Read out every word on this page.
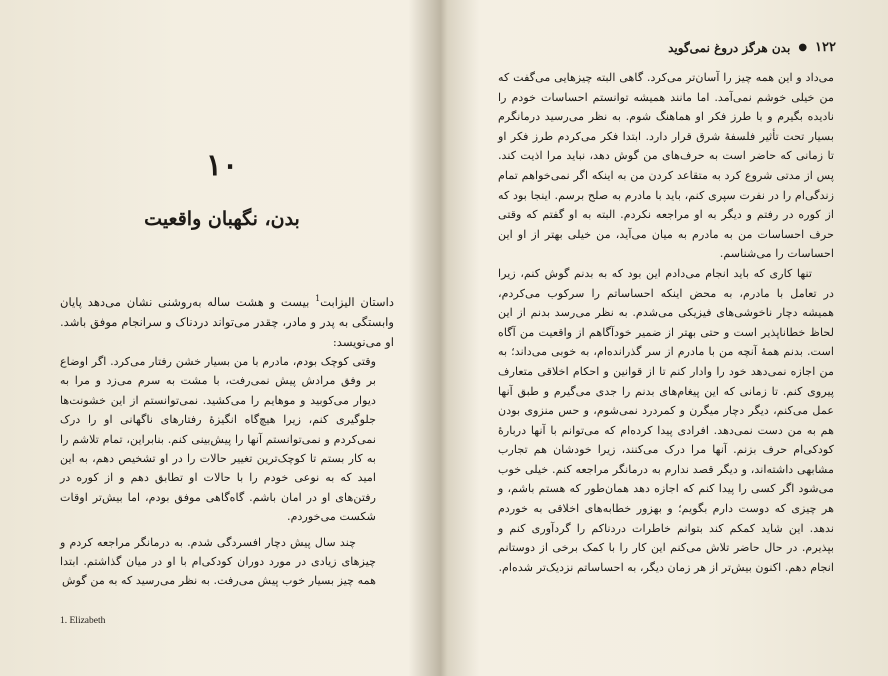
۱۰
بدن، نگهبان واقعیت

داستان الیزابت$^1$ بیست و هشت ساله به‌روشنی نشان می‌دهد پایان وابستگی به پدر و مادر، چقدر می‌تواند دردناک و سرانجام موفق باشد. او می‌نویسد:

وقتی کوچک بودم، مادرم با من بسیار خشن رفتار می‌کرد. اگر اوضاع بر وفق مرادش پیش نمی‌رفت، با مشت به سرم می‌زد و مرا به دیوار می‌کوبید و موهایم را می‌کشید. نمی‌توانستم از این خشونت‌ها جلوگیری کنم، زیرا هیچ‌گاه انگیزهٔ رفتارهای ناگهانی او را درک نمی‌کردم و نمی‌توانستم آنها را پیش‌بینی کنم. بنابراین، تمام تلاشم را به کار بستم تا کوچک‌ترین تغییر حالات را در او تشخیص دهم، به این امید که به نوعی خودم را با حالات او تطابق دهم و از کوره در رفتن‌های او در امان باشم. گاه‌گاهی موفق بودم، اما بیش‌تر اوقات شکست می‌خوردم.

چند سال پیش دچار افسردگی شدم. به درمانگر مراجعه کردم و چیزهای زیادی در مورد دوران کودکی‌ام با او در میان گذاشتم. ابتدا همه چیز بسیار خوب پیش می‌رفت. به نظر می‌رسید که به من گوش

1. Elizabeth
۱۲۲
●
بدن هرگز دروغ نمی‌گوید

می‌داد و این همه چیز را آسان‌تر می‌کرد. گاهی البته چیزهایی می‌گفت که من خیلی خوشم نمی‌آمد. اما مانند همیشه توانستم احساسات خودم را نادیده بگیرم و با طرز فکر او هماهنگ شوم. به نظر می‌رسید درمانگرم بسیار تحت تأثیر فلسفهٔ شرق قرار دارد. ابتدا فکر می‌کردم طرز فکر او تا زمانی که حاضر است به حرف‌های من گوش دهد، نباید مرا اذیت کند. پس از مدتی شروع کرد به متقاعد کردن من به اینکه اگر نمی‌خواهم تمام زندگی‌ام را در نفرت سپری کنم، باید با مادرم به صلح برسم. اینجا بود که از کوره در رفتم و دیگر به او مراجعه نکردم. البته به او گفتم که وقتی حرف احساسات من به مادرم به میان می‌آید، من خیلی بهتر از او این احساسات را می‌شناسم.

تنها کاری که باید انجام می‌دادم این بود که به بدنم گوش کنم، زیرا در تعامل با مادرم، به محض اینکه احساساتم را سرکوب می‌کردم، همیشه دچار ناخوشی‌های فیزیکی می‌شدم. به نظر می‌رسد بدنم از این لحاظ خطاناپذیر است و حتی بهتر از ضمیر خودآگاهم از واقعیت من آگاه است. بدنم همهٔ آنچه من با مادرم از سر گذرانده‌ام، به خوبی می‌داند؛ به من اجازه نمی‌دهد خود را وادار کنم تا از قوانین و احکام اخلاقی متعارف پیروی کنم. تا زمانی که این پیغام‌های بدنم را جدی می‌گیرم و طبق آنها عمل می‌کنم، دیگر دچار میگرن و کمردرد نمی‌شوم، و حس منزوی بودن هم به من دست نمی‌دهد. افرادی پیدا کرده‌ام که می‌توانم با آنها دربارهٔ کودکی‌ام حرف بزنم. آنها مرا درک می‌کنند، زیرا خودشان هم تجارب مشابهی داشته‌اند، و دیگر قصد ندارم به درمانگر مراجعه کنم. خیلی خوب می‌شود اگر کسی را پیدا کنم که اجازه دهد همان‌طور که هستم باشم، و هر چیزی که دوست دارم بگویم؛ و بهزور خطابه‌های اخلاقی به خوردم ندهد. این شاید کمکم کند بتوانم خاطرات دردناکم را گردآوری کنم و بپذیرم. در حال حاضر تلاش می‌کنم این کار را با کمک برخی از دوستانم انجام دهم. اکنون بیش‌تر از هر زمان دیگر، به احساساتم نزدیک‌تر شده‌ام.
